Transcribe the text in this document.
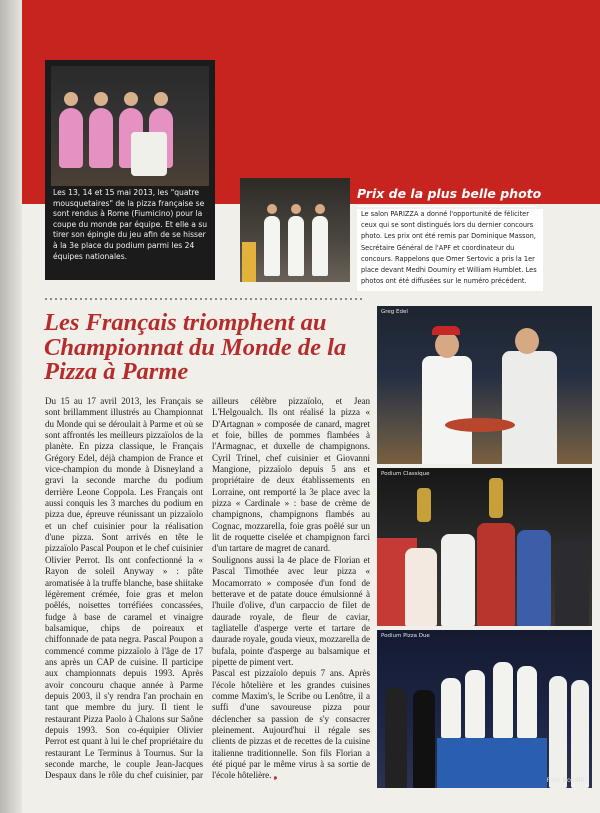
Les 13, 14 et 15 mai 2013, les "quatre mousquetaires" de la pizza française se sont rendus à Rome (Fiumicino) pour la coupe du monde par équipe. Et elle a su tirer son épingle du jeu afin de se hisser à la 3e place du podium parmi les 24 équipes nationales.
Prix de la plus belle photo
Le salon PARIZZA a donné l'opportunité de féliciter ceux qui se sont distingués lors du dernier concours photo. Les prix ont été remis par Dominique Masson, Secrétaire Général de l'APF et coordinateur du concours. Rappelons que Omer Sertovic a pris la 1er place devant Medhi Doumiry et William Humblet. Les photos ont été diffusées sur le numéro précédent.
Les Français triomphent au Championnat du Monde de la Pizza à Parme

Du 15 au 17 avril 2013, les Français se sont brillamment illustrés au Championnat du Monde qui se déroulait à Parme et où se sont affrontés les meilleurs pizzaïolos de la planète. En pizza classique, le Français Grégory Edel, déjà champion de France et vice-champion du monde à Disneyland a gravi la seconde marche du podium derrière Leone Coppola. Les Français ont aussi conquis les 3 marches du podium en pizza due, épreuve réunissant un pizzaïolo et un chef cuisinier pour la réalisation d'une pizza. Sont arrivés en tête le pizzaïolo Pascal Poupon et le chef cuisinier Olivier Perrot. Ils ont confectionné la « Rayon de soleil Anyway » : pâte aromatisée à la truffe blanche, base shiitake légèrement crémée, foie gras et melon poêlés, noisettes torréfiées concassées, fudge à base de caramel et vinaigre balsamique, chips de poireaux et chiffonnade de pata negra. Pascal Poupon a commencé comme pizzaïolo à l'âge de 17 ans après un CAP de cuisine. Il participe aux championnats depuis 1993. Après avoir concouru chaque année à Parme depuis 2003, il s'y rendra l'an prochain en tant que membre du jury. Il tient le restaurant Pizza Paolo à Chalons sur Saône depuis 1993. Son co-équipier Olivier Perrot est quant à lui le chef propriétaire du restaurant Le Terminus à Tournus. Sur la seconde marche, le couple Jean-Jacques Despaux dans le rôle du chef cuisinier, par ailleurs célèbre pizzaïolo, et Jean L'Helgoualch. Ils ont réalisé la pizza « D'Artagnan » composée de canard, magret et foie, billes de pommes flambées à l'Armagnac, et duxelle de champignons. Cyril Trinel, chef cuisinier et Giovanni Mangione, pizzaïolo depuis 5 ans et propriétaire de deux établissements en Lorraine, ont remporté la 3e place avec la pizza « Cardinale » : base de crème de champignons, champignons flambés au Cognac, mozzarella, foie gras poêlé sur un lit de roquette ciselée et champignon farci d'un tartare de magret de canard.

Soulignons aussi la 4e place de Florian et Pascal Timothée avec leur pizza « Mocamorrato » composée d'un fond de betterave et de patate douce émulsionné à l'huile d'olive, d'un carpaccio de filet de daurade royale, de fleur de caviar, tagliatelle d'asperge verte et tartare de daurade royale, gouda vieux, mozzarella de bufala, pointe d'asperge au balsamique et pipette de piment vert.

Pascal est pizzaïolo depuis 7 ans. Après l'école hôtelière et les grandes cuisines comme Maxim's, le Scribe ou Lenôtre, il a suffi d'une savoureuse pizza pour déclencher sa passion de s'y consacrer pleinement. Aujourd'hui il régale ses clients de pizzas et de recettes de la cuisine italienne traditionnelle. Son fils Florian a été piqué par le même virus à sa sortie de l'école hôtelière. ❟

Greg Edel
Podium Classique
Podium Pizza Due
Foto Bocelli
